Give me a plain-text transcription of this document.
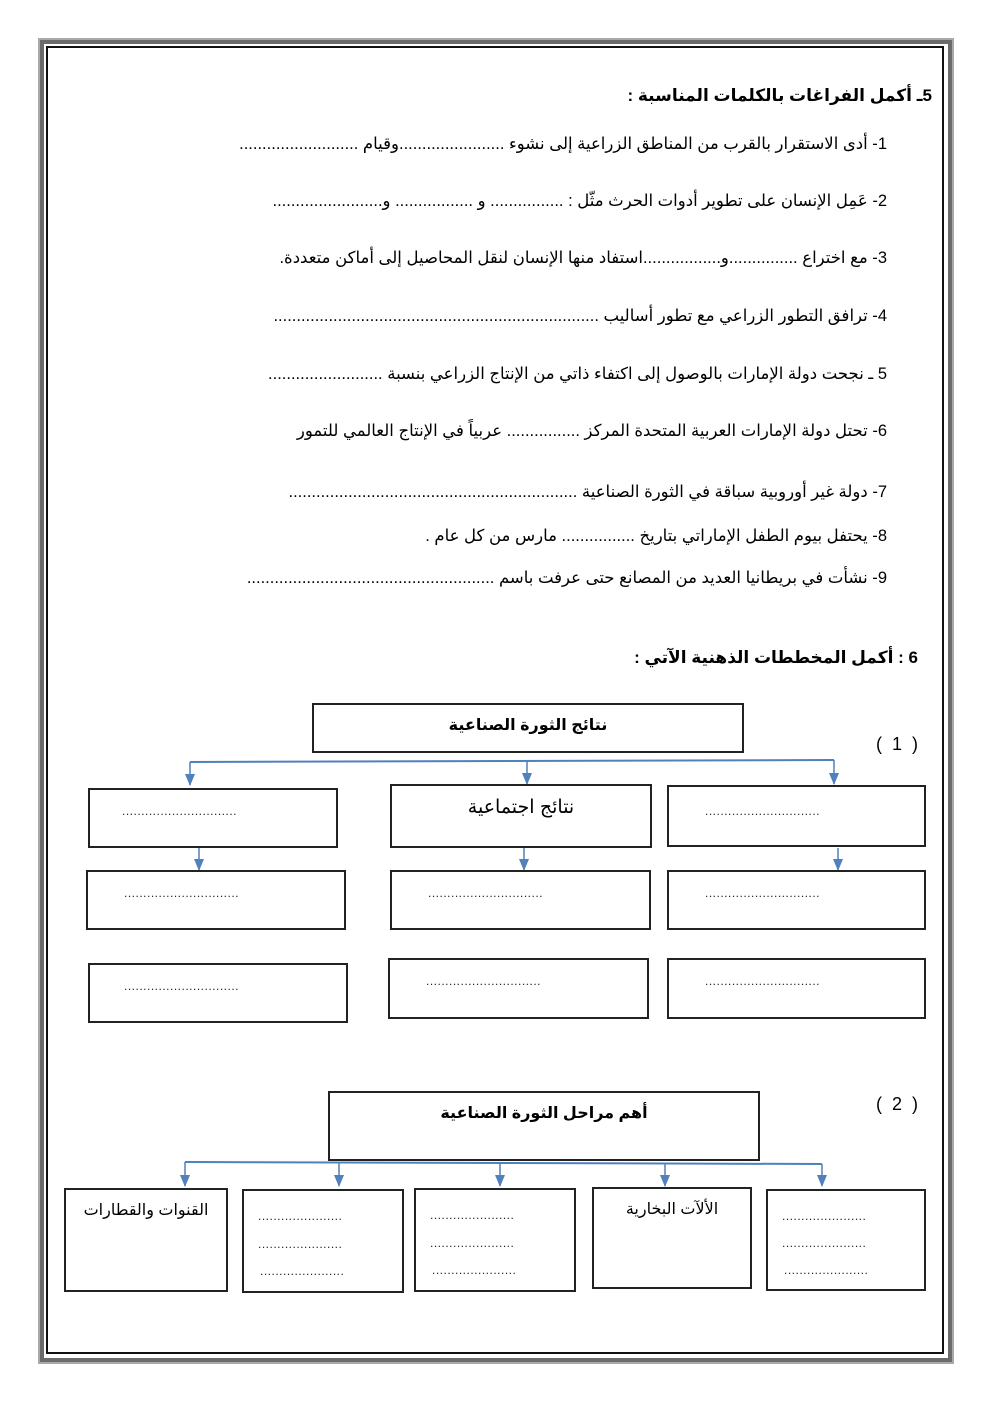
5ـ أكمل الفراغات بالكلمات المناسبة :
1- أدى الاستقرار بالقرب من المناطق الزراعية إلى نشوء .......................وقيام ..........................
2- عَمِل الإنسان على تطوير أدوات الحرث مثّل : ................ و ................. و........................
3- مع اختراع ...............و.................استفاد منها الإنسان لنقل المحاصيل إلى أماكن متعددة.
4- ترافق التطور الزراعي مع تطور أساليب .......................................................................
5 ـ نجحت دولة الإمارات بالوصول إلى اكتفاء ذاتي من الإنتاج الزراعي بنسبة .........................
6- تحتل دولة الإمارات العربية المتحدة المركز ................ عربياً في الإنتاج العالمي للتمور
7- دولة غير أوروبية سباقة في الثورة الصناعية ...............................................................
8- يحتفل بيوم الطفل الإماراتي بتاريخ ................ مارس من كل عام .
9- نشأت في بريطانيا العديد من المصانع حتى عرفت باسم ......................................................
6 : أكمل المخططات الذهنية الآتي :
(  1  )
نتائج الثورة الصناعية
..............................	نتائج اجتماعية	..............................
..............................	..............................	..............................
..............................	..............................	..............................
(  2  )
أهم مراحل الثورة الصناعية
......................
......................
......................
الألآت البخارية
......................
......................
......................
......................
......................
......................
القنوات والقطارات
